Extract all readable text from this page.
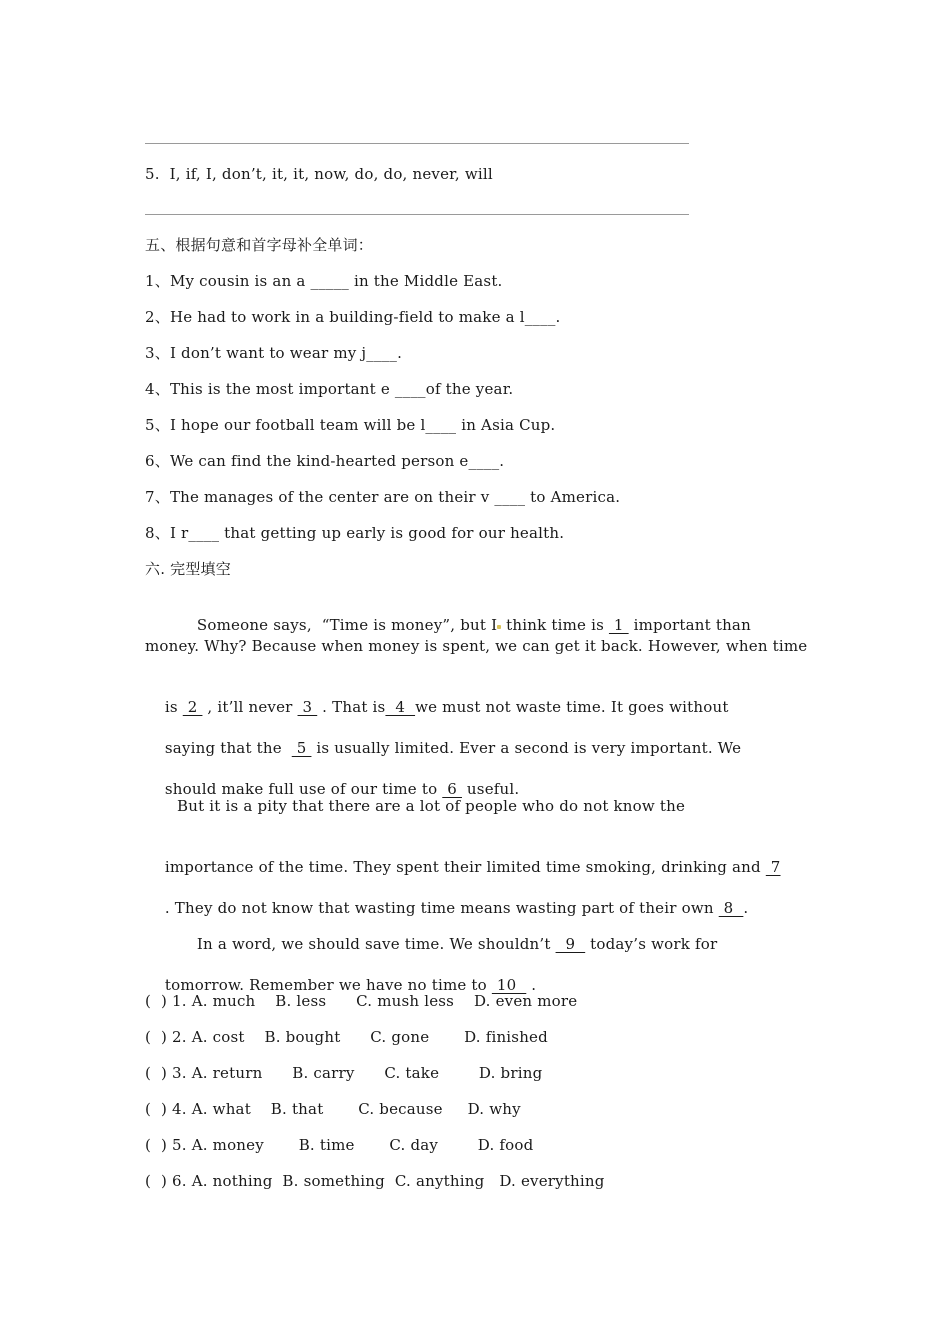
5.  I, if, I, don’t, it, it, now, do, do, never, will
五、根据句意和首字母补全单词：
1、My cousin is an a _____ in the Middle East.
2、He had to work in a building-field to make a l____.
3、I don’t want to wear my j____.
4、This is the most important e ____of the year.
5、I hope our football team will be l____ in Asia Cup.
6、We can find the kind-hearted person e____.
7、The manages of the center are on their v ____ to America.
8、I r____ that getting up early is good for our health.
六. 完型填空

Someone says,  “Time is money”, but I think time is  1  important than

money. Why? Because when money is spent, we can get it back. However, when time

is  2  , it’ll never  3  . That is  4  we must not waste time. It goes without

saying that the   5  is usually limited. Ever a second is very important. We

should make full use of our time to  6  useful.

But it is a pity that there are a lot of people who do not know the

importance of the time. They spent their limited time smoking, drinking and  7

. They do not know that wasting time means wasting part of their own  8  .

In a word, we should save time. We shouldn’t   9   today’s work for

tomorrow. Remember we have no time to  10   .

(  ) 1. A. much    B. less      C. mush less    D. even more
(  ) 2. A. cost    B. bought      C. gone       D. finished
(  ) 3. A. return      B. carry      C. take        D. bring
(  ) 4. A. what    B. that       C. because     D. why
(  ) 5. A. money       B. time       C. day        D. food
(  ) 6. A. nothing  B. something  C. anything   D. everything
